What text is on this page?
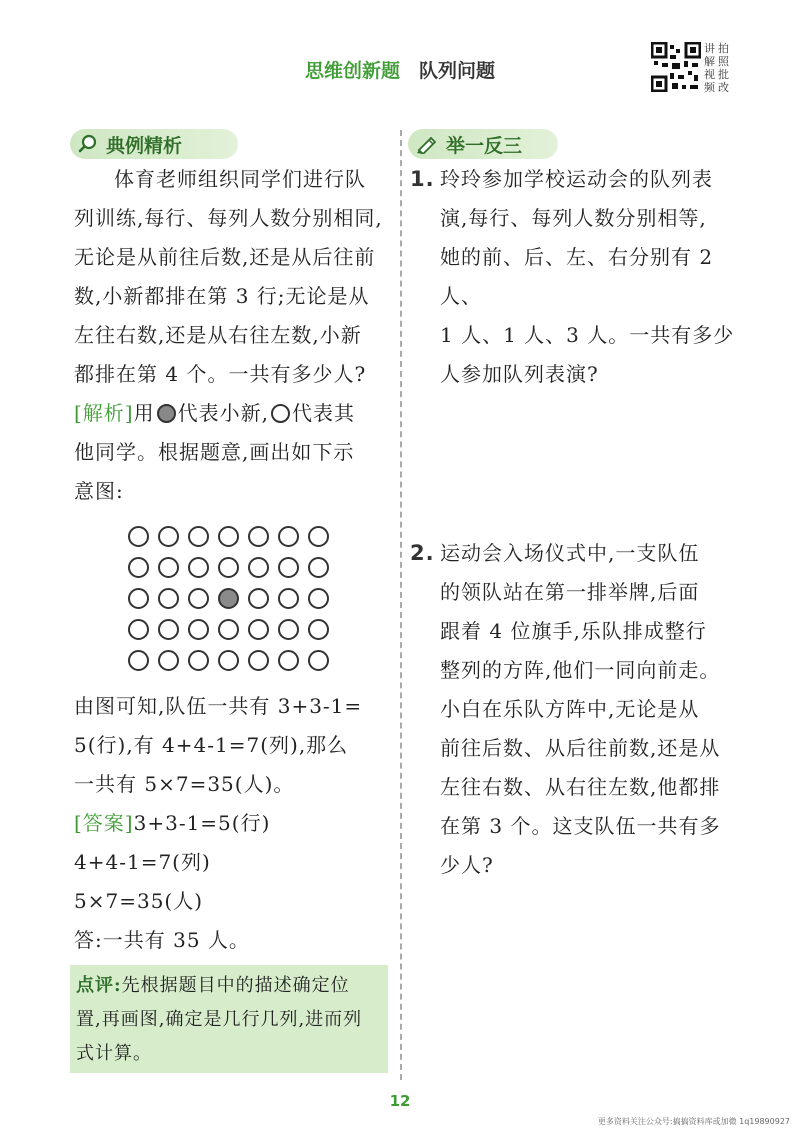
思维创新题 队列问题
讲解视频拍照批改
典例精析
体育老师组织同学们进行队
列训练,每行、每列人数分别相同,
无论是从前往后数,还是从后往前
数,小新都排在第 3 行;无论是从
左往右数,还是从右往左数,小新
都排在第 4 个。一共有多少人?
[解析]用 代表小新, 代表其
他同学。根据题意,画出如下示
意图:
由图可知,队伍一共有 3+3-1=
5(行),有 4+4-1=7(列),那么
一共有 5×7=35(人)。
[答案]3+3-1=5(行)
4+4-1=7(列)
5×7=35(人)
答:一共有 35 人。
点评:先根据题目中的描述确定位
置,再画图,确定是几行几列,进而列
式计算。
举一反三
1. 玲玲参加学校运动会的队列表
演,每行、每列人数分别相等,
她的前、后、左、右分别有 2 人、
1 人、1 人、3 人。一共有多少
人参加队列表演?
2. 运动会入场仪式中,一支队伍
的领队站在第一排举牌,后面
跟着 4 位旗手,乐队排成整行
整列的方阵,他们一同向前走。
小白在乐队方阵中,无论是从
前往后数、从后往前数,还是从
左往右数、从右往左数,他都排
在第 3 个。这支队伍一共有多
少人?
12
更多资料关注公众号:搞搞资料库或加微 1q19890927
